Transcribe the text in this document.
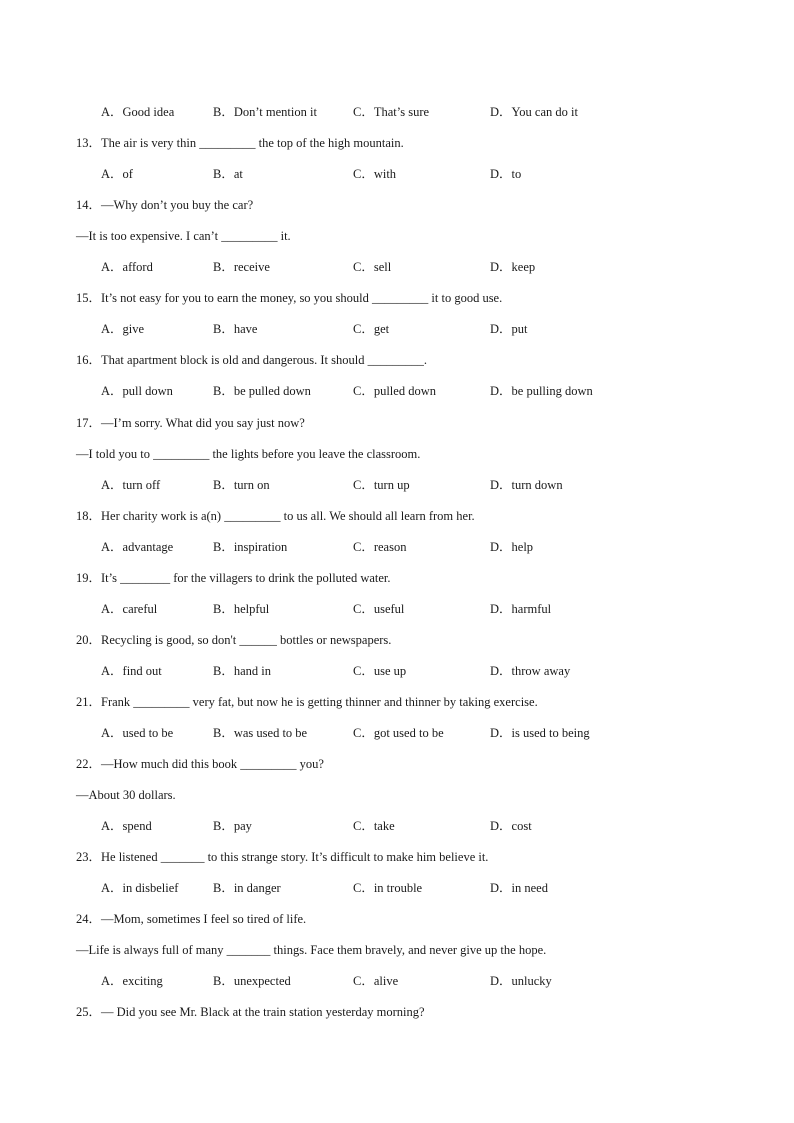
A．Good idea	B．Don’t mention it	C．That’s sure	D．You can do it
13．The air is very thin _________ the top of the high mountain.
A．of	B．at	C．with	D．to
14．—Why don’t you buy the car?
—It is too expensive. I can’t _________ it.
A．afford	B．receive	C．sell	D．keep
15．It’s not easy for you to earn the money, so you should _________ it to good use.
A．give	B．have	C．get	D．put
16．That apartment block is old and dangerous. It should _________.
A．pull down	B．be pulled down	C．pulled down	D．be pulling down
17．—I’m sorry. What did you say just now?
—I told you to _________ the lights before you leave the classroom.
A．turn off	B．turn on	C．turn up	D．turn down
18．Her charity work is a(n) _________ to us all. We should all learn from her.
A．advantage	B．inspiration	C．reason	D．help
19．It’s ________ for the villagers to drink the polluted water.
A．careful	B．helpful	C．useful	D．harmful
20．Recycling is good, so don't ______ bottles or newspapers.
A．find out	B．hand in	C．use up	D．throw away
21．Frank _________ very fat, but now he is getting thinner and thinner by taking exercise.
A．used to be	B．was used to be	C．got used to be	D．is used to being
22．—How much did this book _________ you?
—About 30 dollars.
A．spend	B．pay	C．take	D．cost
23．He listened _______ to this strange story. It’s difficult to make him believe it.
A．in disbelief	B．in danger	C．in trouble	D．in need
24．—Mom, sometimes I feel so tired of life.
—Life is always full of many _______ things. Face them bravely, and never give up the hope.
A．exciting	B．unexpected	C．alive	D．unlucky
25．— Did you see Mr. Black at the train station yesterday morning?
